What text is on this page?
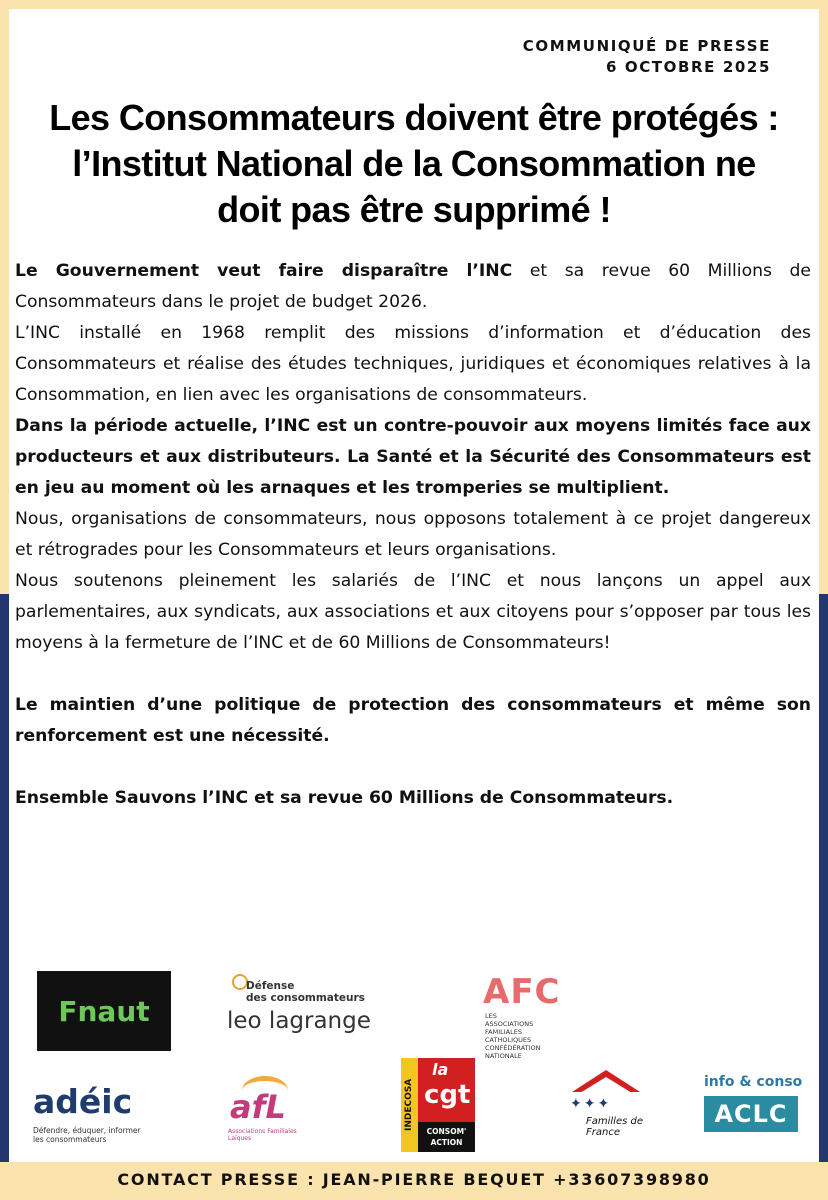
COMMUNIQUÉ DE PRESSE
6 OCTOBRE 2025
Les Consommateurs doivent être protégés :
l’Institut National de la Consommation ne
doit pas être supprimé !

Le Gouvernement veut faire disparaître l’INC et sa revue 60 Millions de Consommateurs dans le projet de budget 2026.

L’INC installé en 1968 remplit des missions d’information et d’éducation des Consommateurs et réalise des études techniques, juridiques et économiques relatives à la Consommation, en lien avec les organisations de consommateurs.

Dans la période actuelle, l’INC est un contre-pouvoir aux moyens limités face aux producteurs et aux distributeurs. La Santé et la Sécurité des Consommateurs est en jeu au moment où les arnaques et les tromperies se multiplient.

Nous, organisations de consommateurs, nous opposons totalement à ce projet dangereux et rétrogrades pour les Consommateurs et leurs organisations.

Nous soutenons pleinement les salariés de l’INC et nous lançons un appel aux parlementaires, aux syndicats, aux associations et aux citoyens pour s’opposer par tous les moyens à la fermeture de l’INC et de 60 Millions de Consommateurs!

Le maintien d’une politique de protection des consommateurs et même son renforcement est une nécessité.

Ensemble Sauvons l’INC et sa revue 60 Millions de Consommateurs.

Fnaut
Défense
des consommateurs
leo lagrange
AFC
LES
ASSOCIATIONS
FAMILIALES
CATHOLIQUES
CONFÉDÉRATION
NATIONALE
adéic
Défendre, éduquer, informer
les consommateurs
afL
Associations Familiales Laïques
INDECOSA
la
cgt
CONSOM'
ACTION
✦✦✦
Familles de France
info & conso
ACLC
CONTACT PRESSE : JEAN-PIERRE BEQUET +33607398980
